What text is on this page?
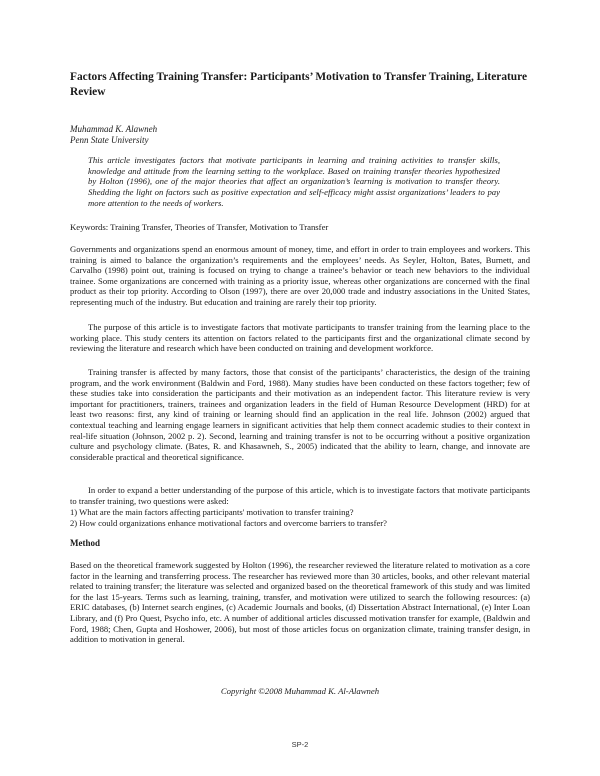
Factors Affecting Training Transfer: Participants’ Motivation to Transfer Training, Literature Review
Muhammad K. Alawneh
Penn State University

This article investigates factors that motivate participants in learning and training activities to transfer skills, knowledge and attitude from the learning setting to the workplace. Based on training transfer theories hypothesized by Holton (1996), one of the major theories that affect an organization’s learning is motivation to transfer theory. Shedding the light on factors such as positive expectation and self-efficacy might assist organizations’ leaders to pay more attention to the needs of workers.

Keywords: Training Transfer, Theories of Transfer, Motivation to Transfer

Governments and organizations spend an enormous amount of money, time, and effort in order to train employees and workers. This training is aimed to balance the organization’s requirements and the employees’ needs. As Seyler, Holton, Bates, Burnett, and Carvalho (1998) point out, training is focused on trying to change a trainee’s behavior or teach new behaviors to the individual trainee. Some organizations are concerned with training as a priority issue, whereas other organizations are concerned with the final product as their top priority. According to Olson (1997), there are over 20,000 trade and industry associations in the United States, representing much of the industry. But education and training are rarely their top priority.

The purpose of this article is to investigate factors that motivate participants to transfer training from the learning place to the working place. This study centers its attention on factors related to the participants first and the organizational climate second by reviewing the literature and research which have been conducted on training and development workforce.

Training transfer is affected by many factors, those that consist of the participants’ characteristics, the design of the training program, and the work environment (Baldwin and Ford, 1988). Many studies have been conducted on these factors together; few of these studies take into consideration the participants and their motivation as an independent factor. This literature review is very important for practitioners, trainers, trainees and organization leaders in the field of Human Resource Development (HRD) for at least two reasons: first, any kind of training or learning should find an application in the real life. Johnson (2002) argued that contextual teaching and learning engage learners in significant activities that help them connect academic studies to their context in real-life situation (Johnson, 2002 p. 2). Second, learning and training transfer is not to be occurring without a positive organization culture and psychology climate. (Bates, R. and Khasawneh, S., 2005) indicated that the ability to learn, change, and innovate are considerable practical and theoretical significance.

In order to expand a better understanding of the purpose of this article, which is to investigate factors that motivate participants to transfer training, two questions were asked:

1) What are the main factors affecting participants' motivation to transfer training?
2) How could organizations enhance motivational factors and overcome barriers to transfer?
Method

Based on the theoretical framework suggested by Holton (1996), the researcher reviewed the literature related to motivation as a core factor in the learning and transferring process. The researcher has reviewed more than 30 articles, books, and other relevant material related to training transfer; the literature was selected and organized based on the theoretical framework of this study and was limited for the last 15-years. Terms such as learning, training, transfer, and motivation were utilized to search the following resources: (a) ERIC databases, (b) Internet search engines, (c) Academic Journals and books, (d) Dissertation Abstract International, (e) Inter Loan Library, and (f) Pro Quest, Psycho info, etc. A number of additional articles discussed motivation transfer for example, (Baldwin and Ford, 1988; Chen, Gupta and Hoshower, 2006), but most of those articles focus on organization climate, training transfer design, in addition to motivation in general.

Copyright ©2008 Muhammad K. Al-Alawneh
SP-2
